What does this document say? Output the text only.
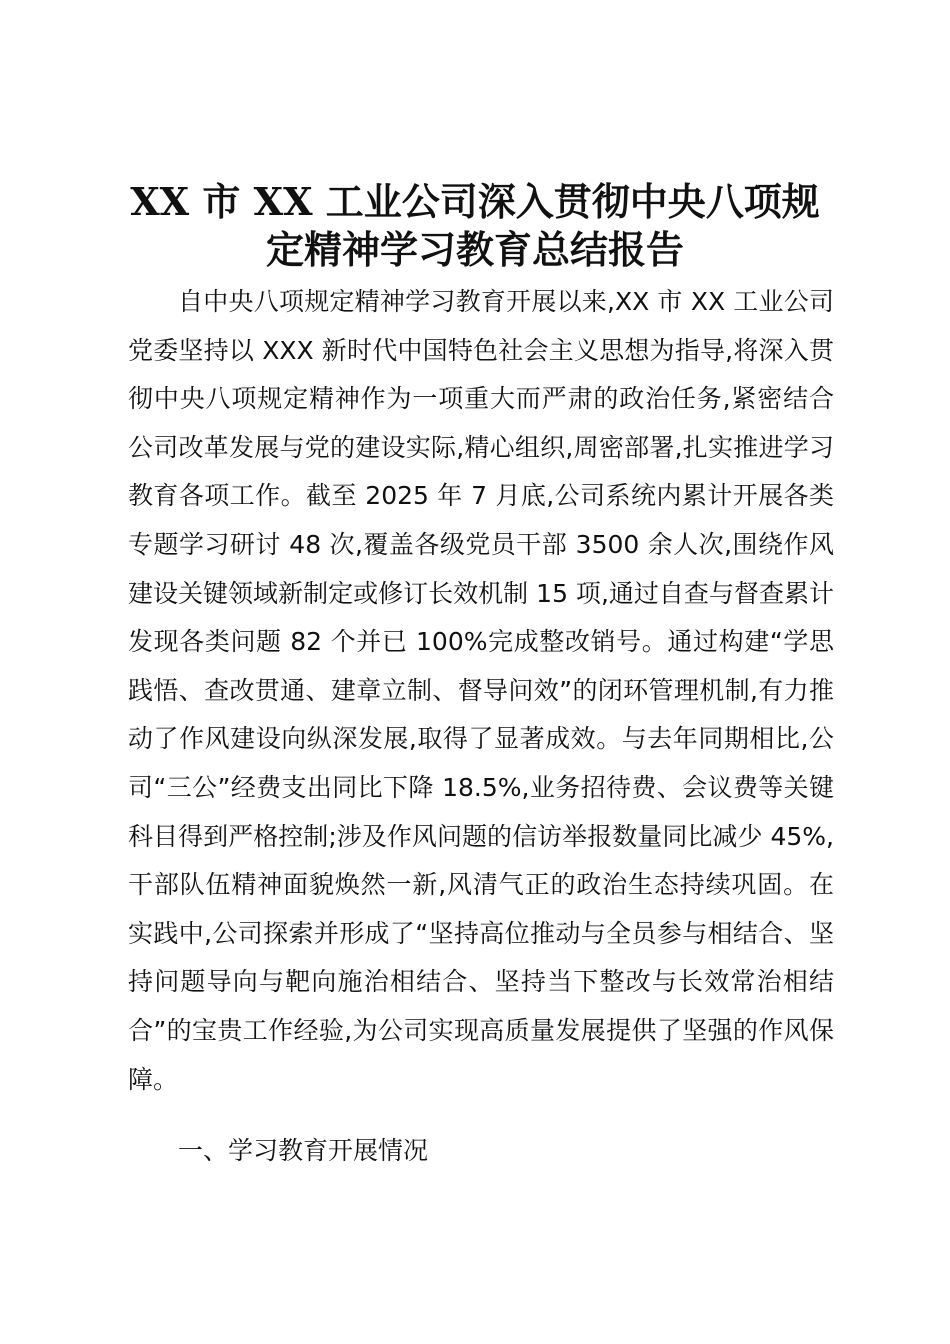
XX 市 XX 工业公司深入贯彻中央八项规定精神学习教育总结报告

自中央八项规定精神学习教育开展以来,XX 市 XX 工业公司党委坚持以 XXX 新时代中国特色社会主义思想为指导,将深入贯彻中央八项规定精神作为一项重大而严肃的政治任务,紧密结合公司改革发展与党的建设实际,精心组织,周密部署,扎实推进学习教育各项工作。截至 2025 年 7 月底,公司系统内累计开展各类专题学习研讨 48 次,覆盖各级党员干部 3500 余人次,围绕作风建设关键领域新制定或修订长效机制 15 项,通过自查与督查累计发现各类问题 82 个并已 100%完成整改销号。通过构建“学思践悟、查改贯通、建章立制、督导问效”的闭环管理机制,有力推动了作风建设向纵深发展,取得了显著成效。与去年同期相比,公司“三公”经费支出同比下降 18.5%,业务招待费、会议费等关键科目得到严格控制;涉及作风问题的信访举报数量同比减少 45%,干部队伍精神面貌焕然一新,风清气正的政治生态持续巩固。在实践中,公司探索并形成了“坚持高位推动与全员参与相结合、坚持问题导向与靶向施治相结合、坚持当下整改与长效常治相结合”的宝贵工作经验,为公司实现高质量发展提供了坚强的作风保障。

一、学习教育开展情况
